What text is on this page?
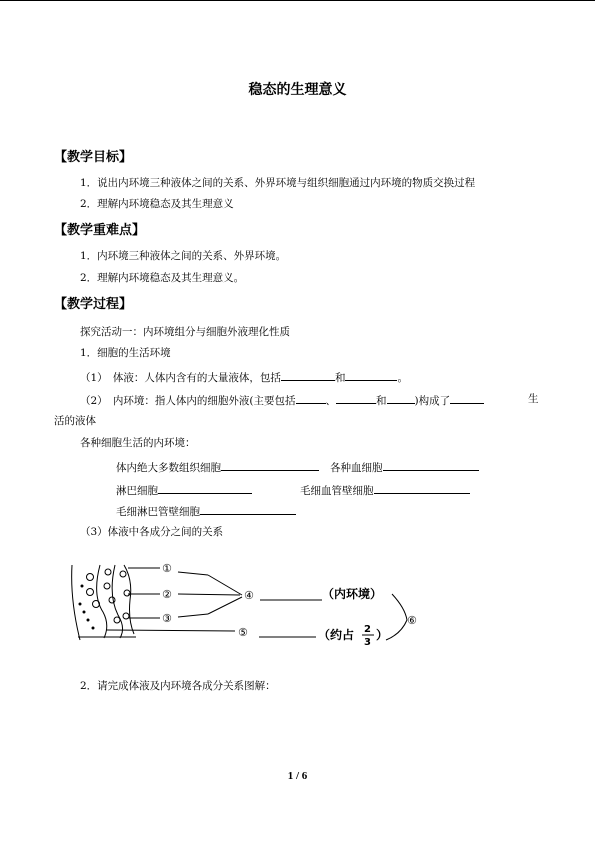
稳态的生理意义
【教学目标】
1．说出内环境三种液体之间的关系、外界环境与组织细胞通过内环境的物质交换过程
2．理解内环境稳态及其生理意义
【教学重难点】
1．内环境三种液体之间的关系、外界环境。
2．理解内环境稳态及其生理意义。
【教学过程】
探究活动一：内环境组分与细胞外液理化性质
1．细胞的生活环境
（1）　体液：人体内含有的大量液体，包括	和	。
（2）　内环境：指人体内的细胞外液(主要包括	、	和	)构成了	生
活的液体
各种细胞生活的内环境：
体内绝大多数组织细胞	各种血细胞
淋巴细胞	毛细血管壁细胞
毛细淋巴管壁细胞
（3）体液中各成分之间的关系
①
②
③
④
⑤
⑥
（内环境）
（约占 2
3
）
2．请完成体液及内环境各成分关系图解：
1 / 6
